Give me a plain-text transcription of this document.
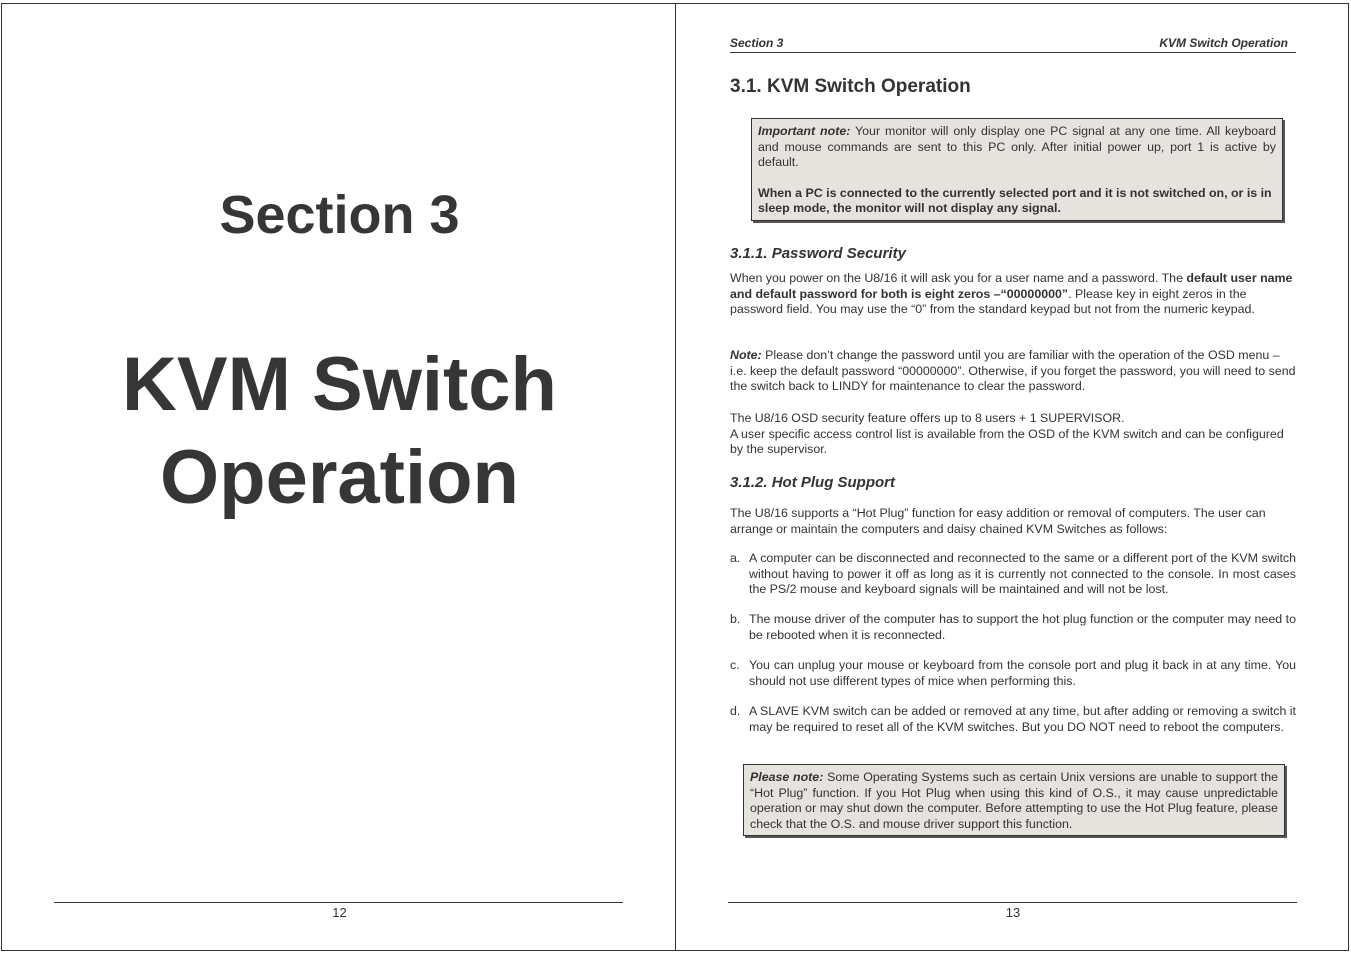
Section 3
KVM Switch
Operation
12
Section 3	KVM Switch Operation
3.1. KVM Switch Operation

Important note: Your monitor will only display one PC signal at any one time. All keyboard and mouse commands are sent to this PC only. After initial power up, port 1 is active by default.

When a PC is connected to the currently selected port and it is not switched on, or is in sleep mode, the monitor will not display any signal.

3.1.1. Password Security
When you power on the U8/16 it will ask you for a user name and a password. The default user name and default password for both is eight zeros –“00000000”. Please key in eight zeros in the password field. You may use the “0” from the standard keypad but not from the numeric keypad.
Note: Please don’t change the password until you are familiar with the operation of the OSD menu – i.e. keep the default password “00000000”. Otherwise, if you forget the password, you will need to send the switch back to LINDY for maintenance to clear the password.
The U8/16 OSD security feature offers up to 8 users + 1 SUPERVISOR.
A user specific access control list is available from the OSD of the KVM switch and can be configured by the supervisor.
3.1.2. Hot Plug Support
The U8/16 supports a “Hot Plug” function for easy addition or removal of computers. The user can arrange or maintain the computers and daisy chained KVM Switches as follows:
a. A computer can be disconnected and reconnected to the same or a different port of the KVM switch without having to power it off as long as it is currently not connected to the console. In most cases the PS/2 mouse and keyboard signals will be maintained and will not be lost.
b. The mouse driver of the computer has to support the hot plug function or the computer may need to be rebooted when it is reconnected.
c. You can unplug your mouse or keyboard from the console port and plug it back in at any time. You should not use different types of mice when performing this.
d. A SLAVE KVM switch can be added or removed at any time, but after adding or removing a switch it may be required to reset all of the KVM switches. But you DO NOT need to reboot the computers.

Please note: Some Operating Systems such as certain Unix versions are unable to support the “Hot Plug” function. If you Hot Plug when using this kind of O.S., it may cause unpredictable operation or may shut down the computer. Before attempting to use the Hot Plug feature, please check that the O.S. and mouse driver support this function.

13
